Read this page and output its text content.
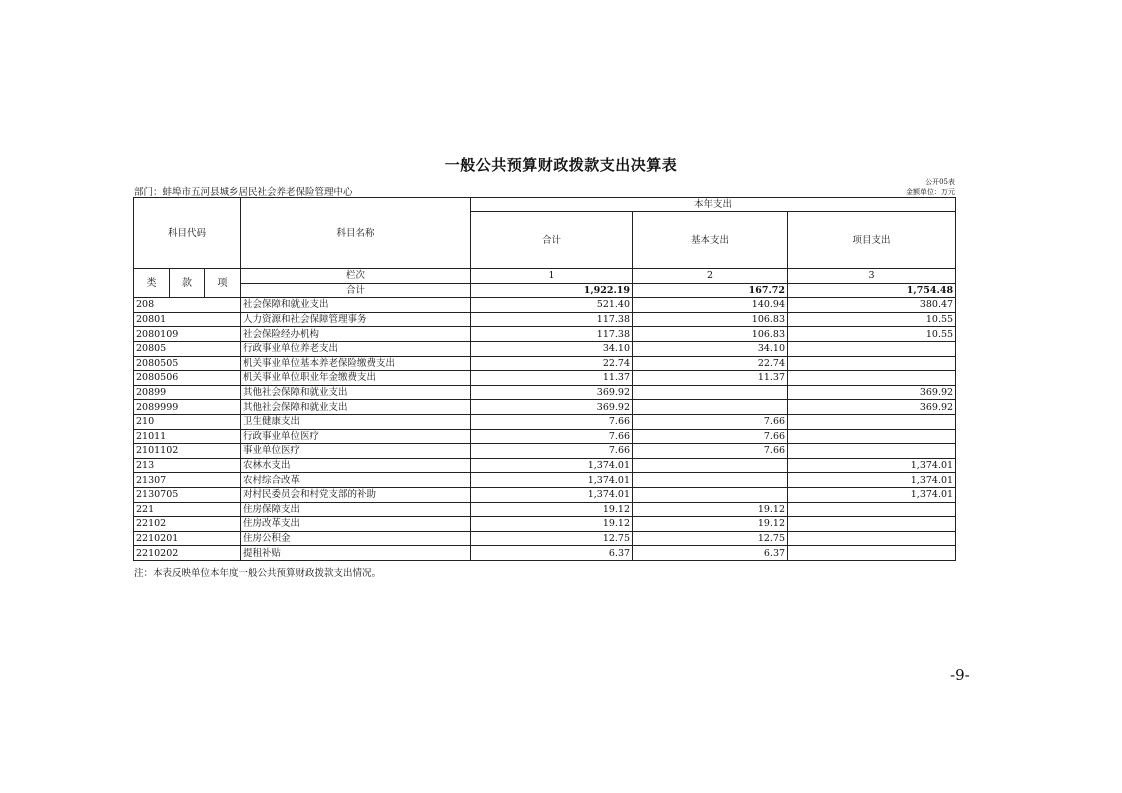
一般公共预算财政拨款支出决算表
公开05表
部门：蚌埠市五河县城乡居民社会养老保险管理中心	金额单位：万元
科目代码			科目名称	本年支出		
				合计	基本支出	项目支出
类	款	项	栏次	1	2	3
			合计	1,922.19	167.72	1,754.48
208			社会保障和就业支出	521.40	140.94	380.47
20801			人力资源和社会保障管理事务	117.38	106.83	10.55
2080109			社会保险经办机构	117.38	106.83	10.55
20805			行政事业单位养老支出	34.10	34.10	
2080505			机关事业单位基本养老保险缴费支出	22.74	22.74	
2080506			机关事业单位职业年金缴费支出	11.37	11.37	
20899			其他社会保障和就业支出	369.92		369.92
2089999			其他社会保障和就业支出	369.92		369.92
210			卫生健康支出	7.66	7.66	
21011			行政事业单位医疗	7.66	7.66	
2101102			事业单位医疗	7.66	7.66	
213			农林水支出	1,374.01		1,374.01
21307			农村综合改革	1,374.01		1,374.01
2130705			对村民委员会和村党支部的补助	1,374.01		1,374.01
221			住房保障支出	19.12	19.12	
22102			住房改革支出	19.12	19.12	
2210201			住房公积金	12.75	12.75	
2210202			提租补贴	6.37	6.37	
注：本表反映单位本年度一般公共预算财政拨款支出情况。
-9-
